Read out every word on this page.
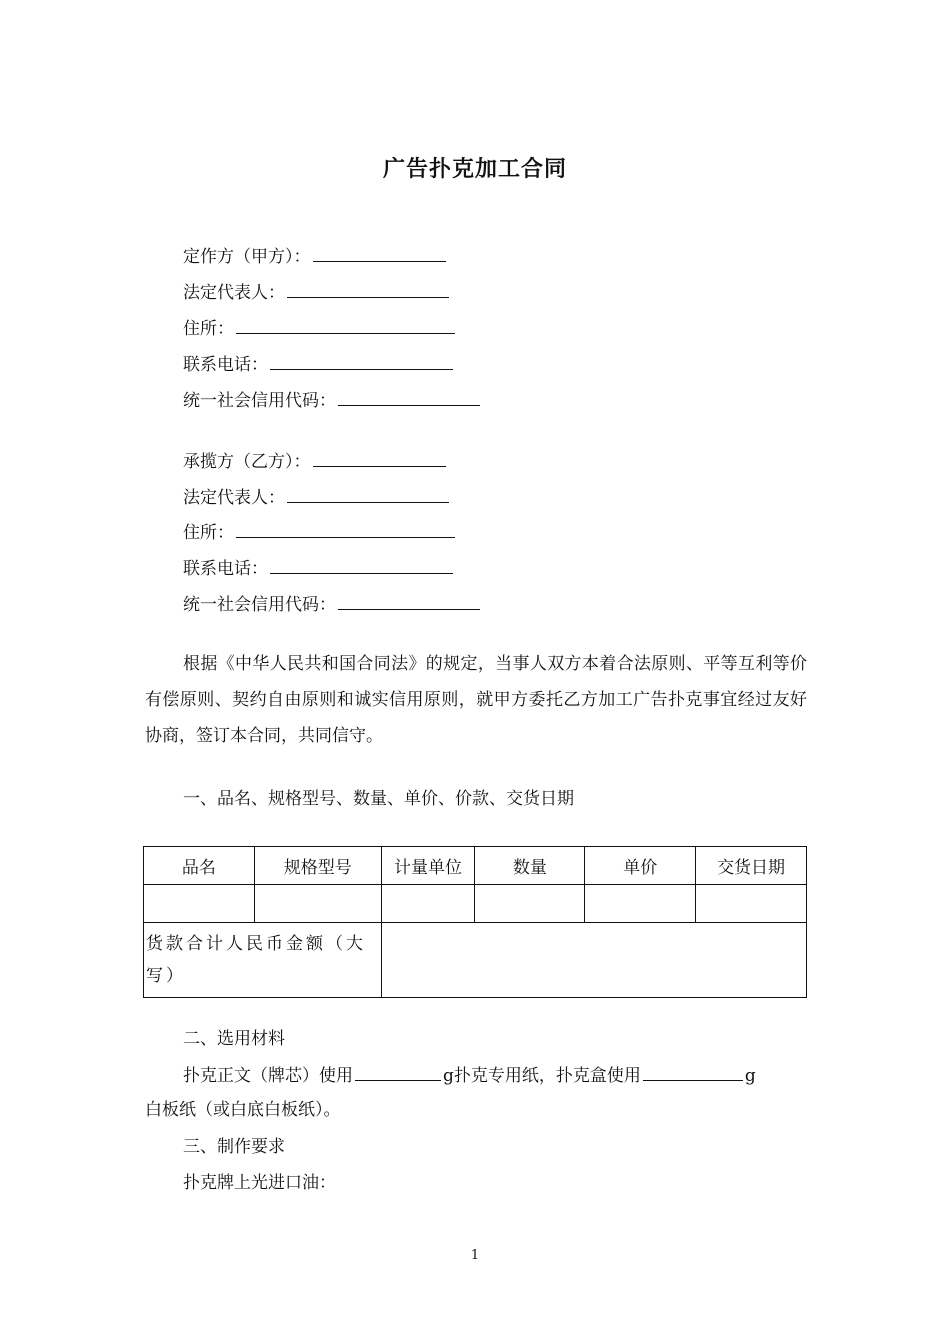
广告扑克加工合同
定作方（甲方）：
法定代表人：
住所：
联系电话：
统一社会信用代码：
承揽方（乙方）：
法定代表人：
住所：
联系电话：
统一社会信用代码：
根据《中华人民共和国合同法》的规定，当事人双方本着合法原则、平等互利等价有偿原则、契约自由原则和诚实信用原则，就甲方委托乙方加工广告扑克事宜经过友好协商，签订本合同，共同信守。
一、品名、规格型号、数量、单价、价款、交货日期
品名	规格型号	计量单位	数量	单价	交货日期

货款合计人民币金额（大写）					
二、选用材料
扑克正文（牌芯）使用	g扑克专用纸，扑克盒使用	g
白板纸（或白底白板纸）。
三、制作要求
扑克牌上光进口油：
1
